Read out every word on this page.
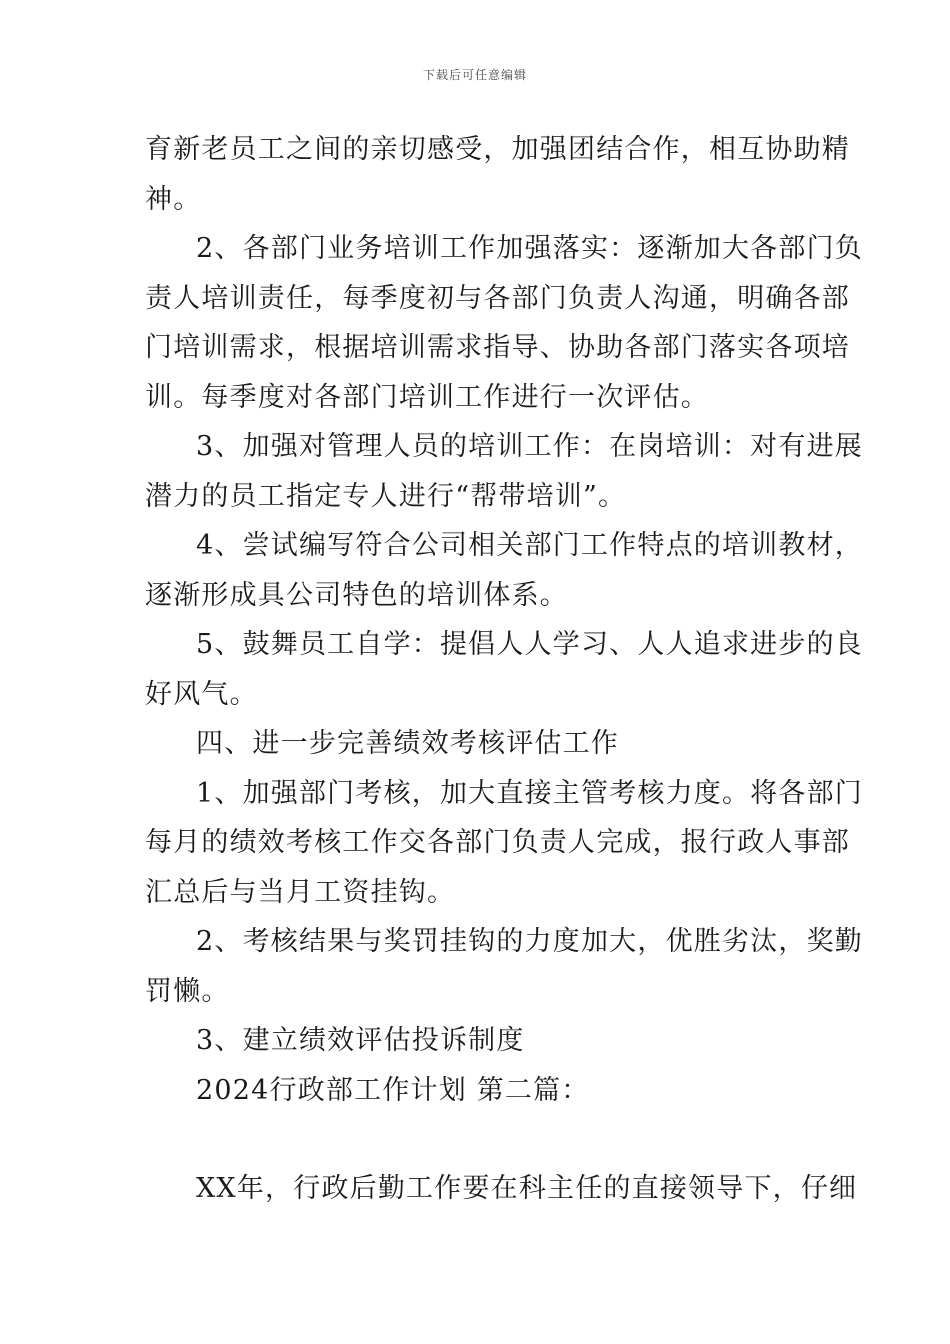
下载后可任意编辑
育新老员工之间的亲切感受，加强团结合作，相互协助精
神。
2、各部门业务培训工作加强落实：逐渐加大各部门负
责人培训责任，每季度初与各部门负责人沟通，明确各部
门培训需求，根据培训需求指导、协助各部门落实各项培
训。每季度对各部门培训工作进行一次评估。
3、加强对管理人员的培训工作：在岗培训：对有进展
潜力的员工指定专人进行“帮带培训”。
4、尝试编写符合公司相关部门工作特点的培训教材，
逐渐形成具公司特色的培训体系。
5、鼓舞员工自学：提倡人人学习、人人追求进步的良
好风气。
四、进一步完善绩效考核评估工作
1、加强部门考核，加大直接主管考核力度。将各部门
每月的绩效考核工作交各部门负责人完成，报行政人事部
汇总后与当月工资挂钩。
2、考核结果与奖罚挂钩的力度加大，优胜劣汰，奖勤
罚懒。
3、建立绩效评估投诉制度
2024行政部工作计划 第二篇：
XX年，行政后勤工作要在科主任的直接领导下，仔细
